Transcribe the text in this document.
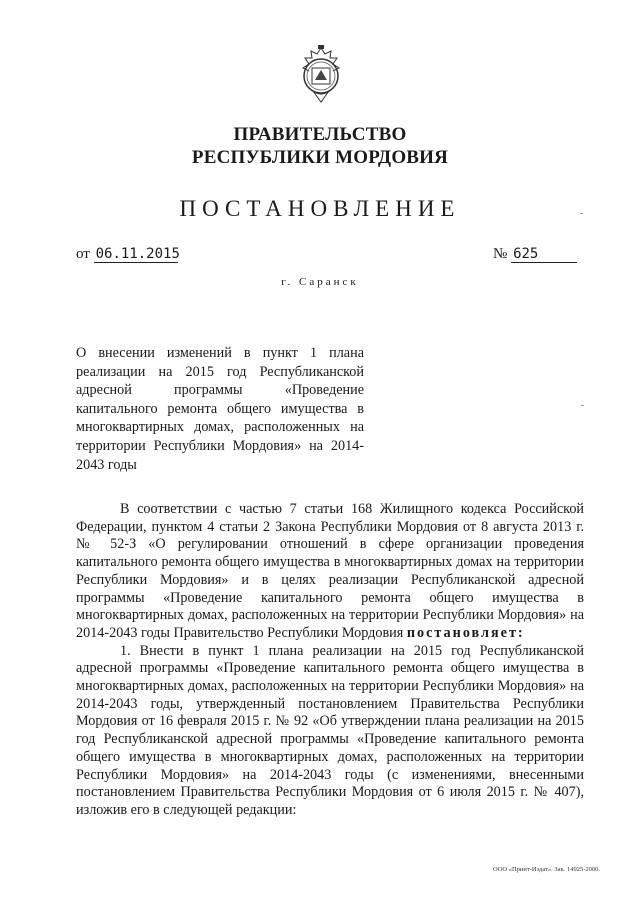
ПРАВИТЕЛЬСТВО
РЕСПУБЛИКИ МОРДОВИЯ
ПОСТАНОВЛЕНИЕ
от 06.11.2015	№ 625
г. Саранск
О внесении изменений в пункт 1 плана реализации на 2015 год Республиканской адресной программы «Проведение капитального ремонта общего имущества в многоквартирных домах, расположенных на территории Республики Мордовия» на 2014-2043 годы

В соответствии с частью 7 статьи 168 Жилищного кодекса Российской Федерации, пунктом 4 статьи 2 Закона Республики Мордовия от 8 августа 2013 г. № 52-З «О регулировании отношений в сфере организации проведения капитального ремонта общего имущества в многоквартирных домах на территории Республики Мордовия» и в целях реализации Республиканской адресной программы «Проведение капитального ремонта общего имущества в многоквартирных домах, расположенных на территории Республики Мордовия» на 2014-2043 годы Правительство Республики Мордовия постановляет:

1. Внести в пункт 1 плана реализации на 2015 год Республиканской адресной программы «Проведение капитального ремонта общего имущества в многоквартирных домах, расположенных на территории Республики Мордовия» на 2014-2043 годы, утвержденный постановлением Правительства Республики Мордовия от 16 февраля 2015 г. № 92 «Об утверждении плана реализации на 2015 год Республиканской адресной программы «Проведение капитального ремонта общего имущества в многоквартирных домах, расположенных на территории Республики Мордовия» на 2014-2043 годы (с изменениями, внесенными постановлением Правительства Республики Мордовия от 6 июля 2015 г. № 407), изложив его в следующей редакции:

ООО «Принт-Издат». Зак. 14925-2000.
